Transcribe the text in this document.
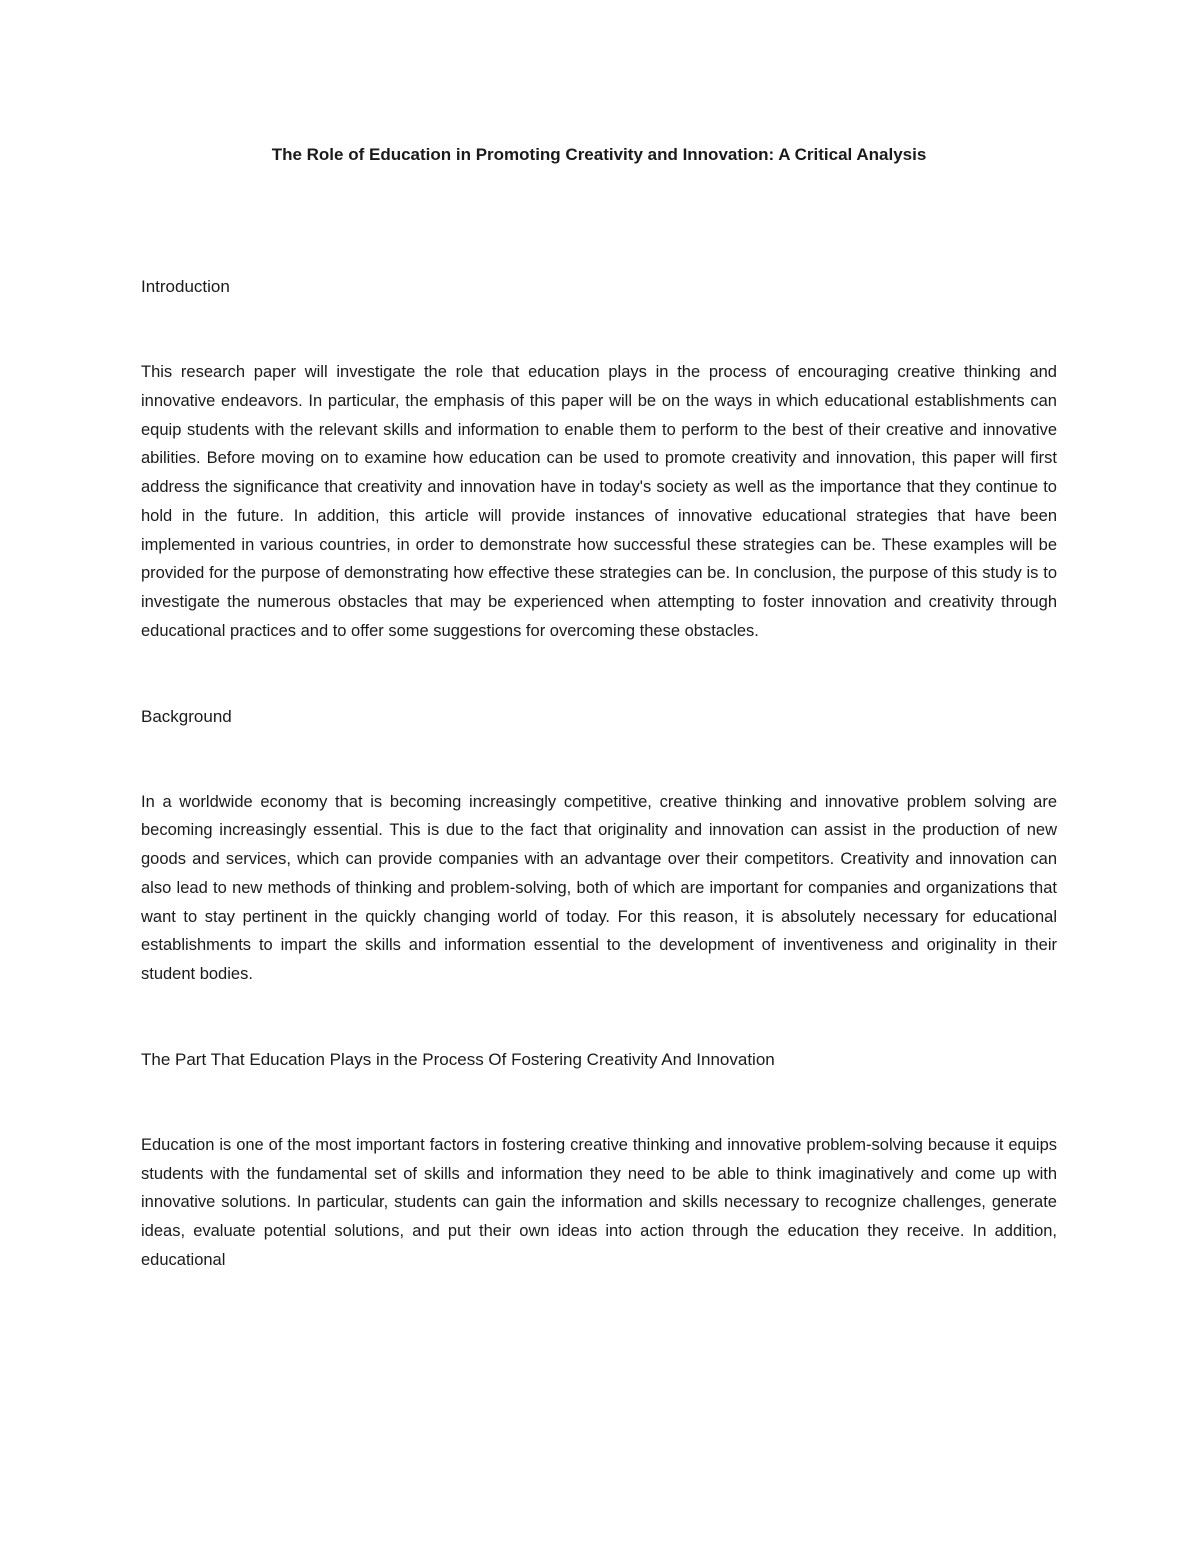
The Role of Education in Promoting Creativity and Innovation: A Critical Analysis
Introduction

This research paper will investigate the role that education plays in the process of encouraging creative thinking and innovative endeavors. In particular, the emphasis of this paper will be on the ways in which educational establishments can equip students with the relevant skills and information to enable them to perform to the best of their creative and innovative abilities. Before moving on to examine how education can be used to promote creativity and innovation, this paper will first address the significance that creativity and innovation have in today's society as well as the importance that they continue to hold in the future. In addition, this article will provide instances of innovative educational strategies that have been implemented in various countries, in order to demonstrate how successful these strategies can be. These examples will be provided for the purpose of demonstrating how effective these strategies can be. In conclusion, the purpose of this study is to investigate the numerous obstacles that may be experienced when attempting to foster innovation and creativity through educational practices and to offer some suggestions for overcoming these obstacles.

Background

In a worldwide economy that is becoming increasingly competitive, creative thinking and innovative problem solving are becoming increasingly essential. This is due to the fact that originality and innovation can assist in the production of new goods and services, which can provide companies with an advantage over their competitors. Creativity and innovation can also lead to new methods of thinking and problem-solving, both of which are important for companies and organizations that want to stay pertinent in the quickly changing world of today. For this reason, it is absolutely necessary for educational establishments to impart the skills and information essential to the development of inventiveness and originality in their student bodies.

The Part That Education Plays in the Process Of Fostering Creativity And Innovation

Education is one of the most important factors in fostering creative thinking and innovative problem-solving because it equips students with the fundamental set of skills and information they need to be able to think imaginatively and come up with innovative solutions. In particular, students can gain the information and skills necessary to recognize challenges, generate ideas, evaluate potential solutions, and put their own ideas into action through the education they receive. In addition, educational
